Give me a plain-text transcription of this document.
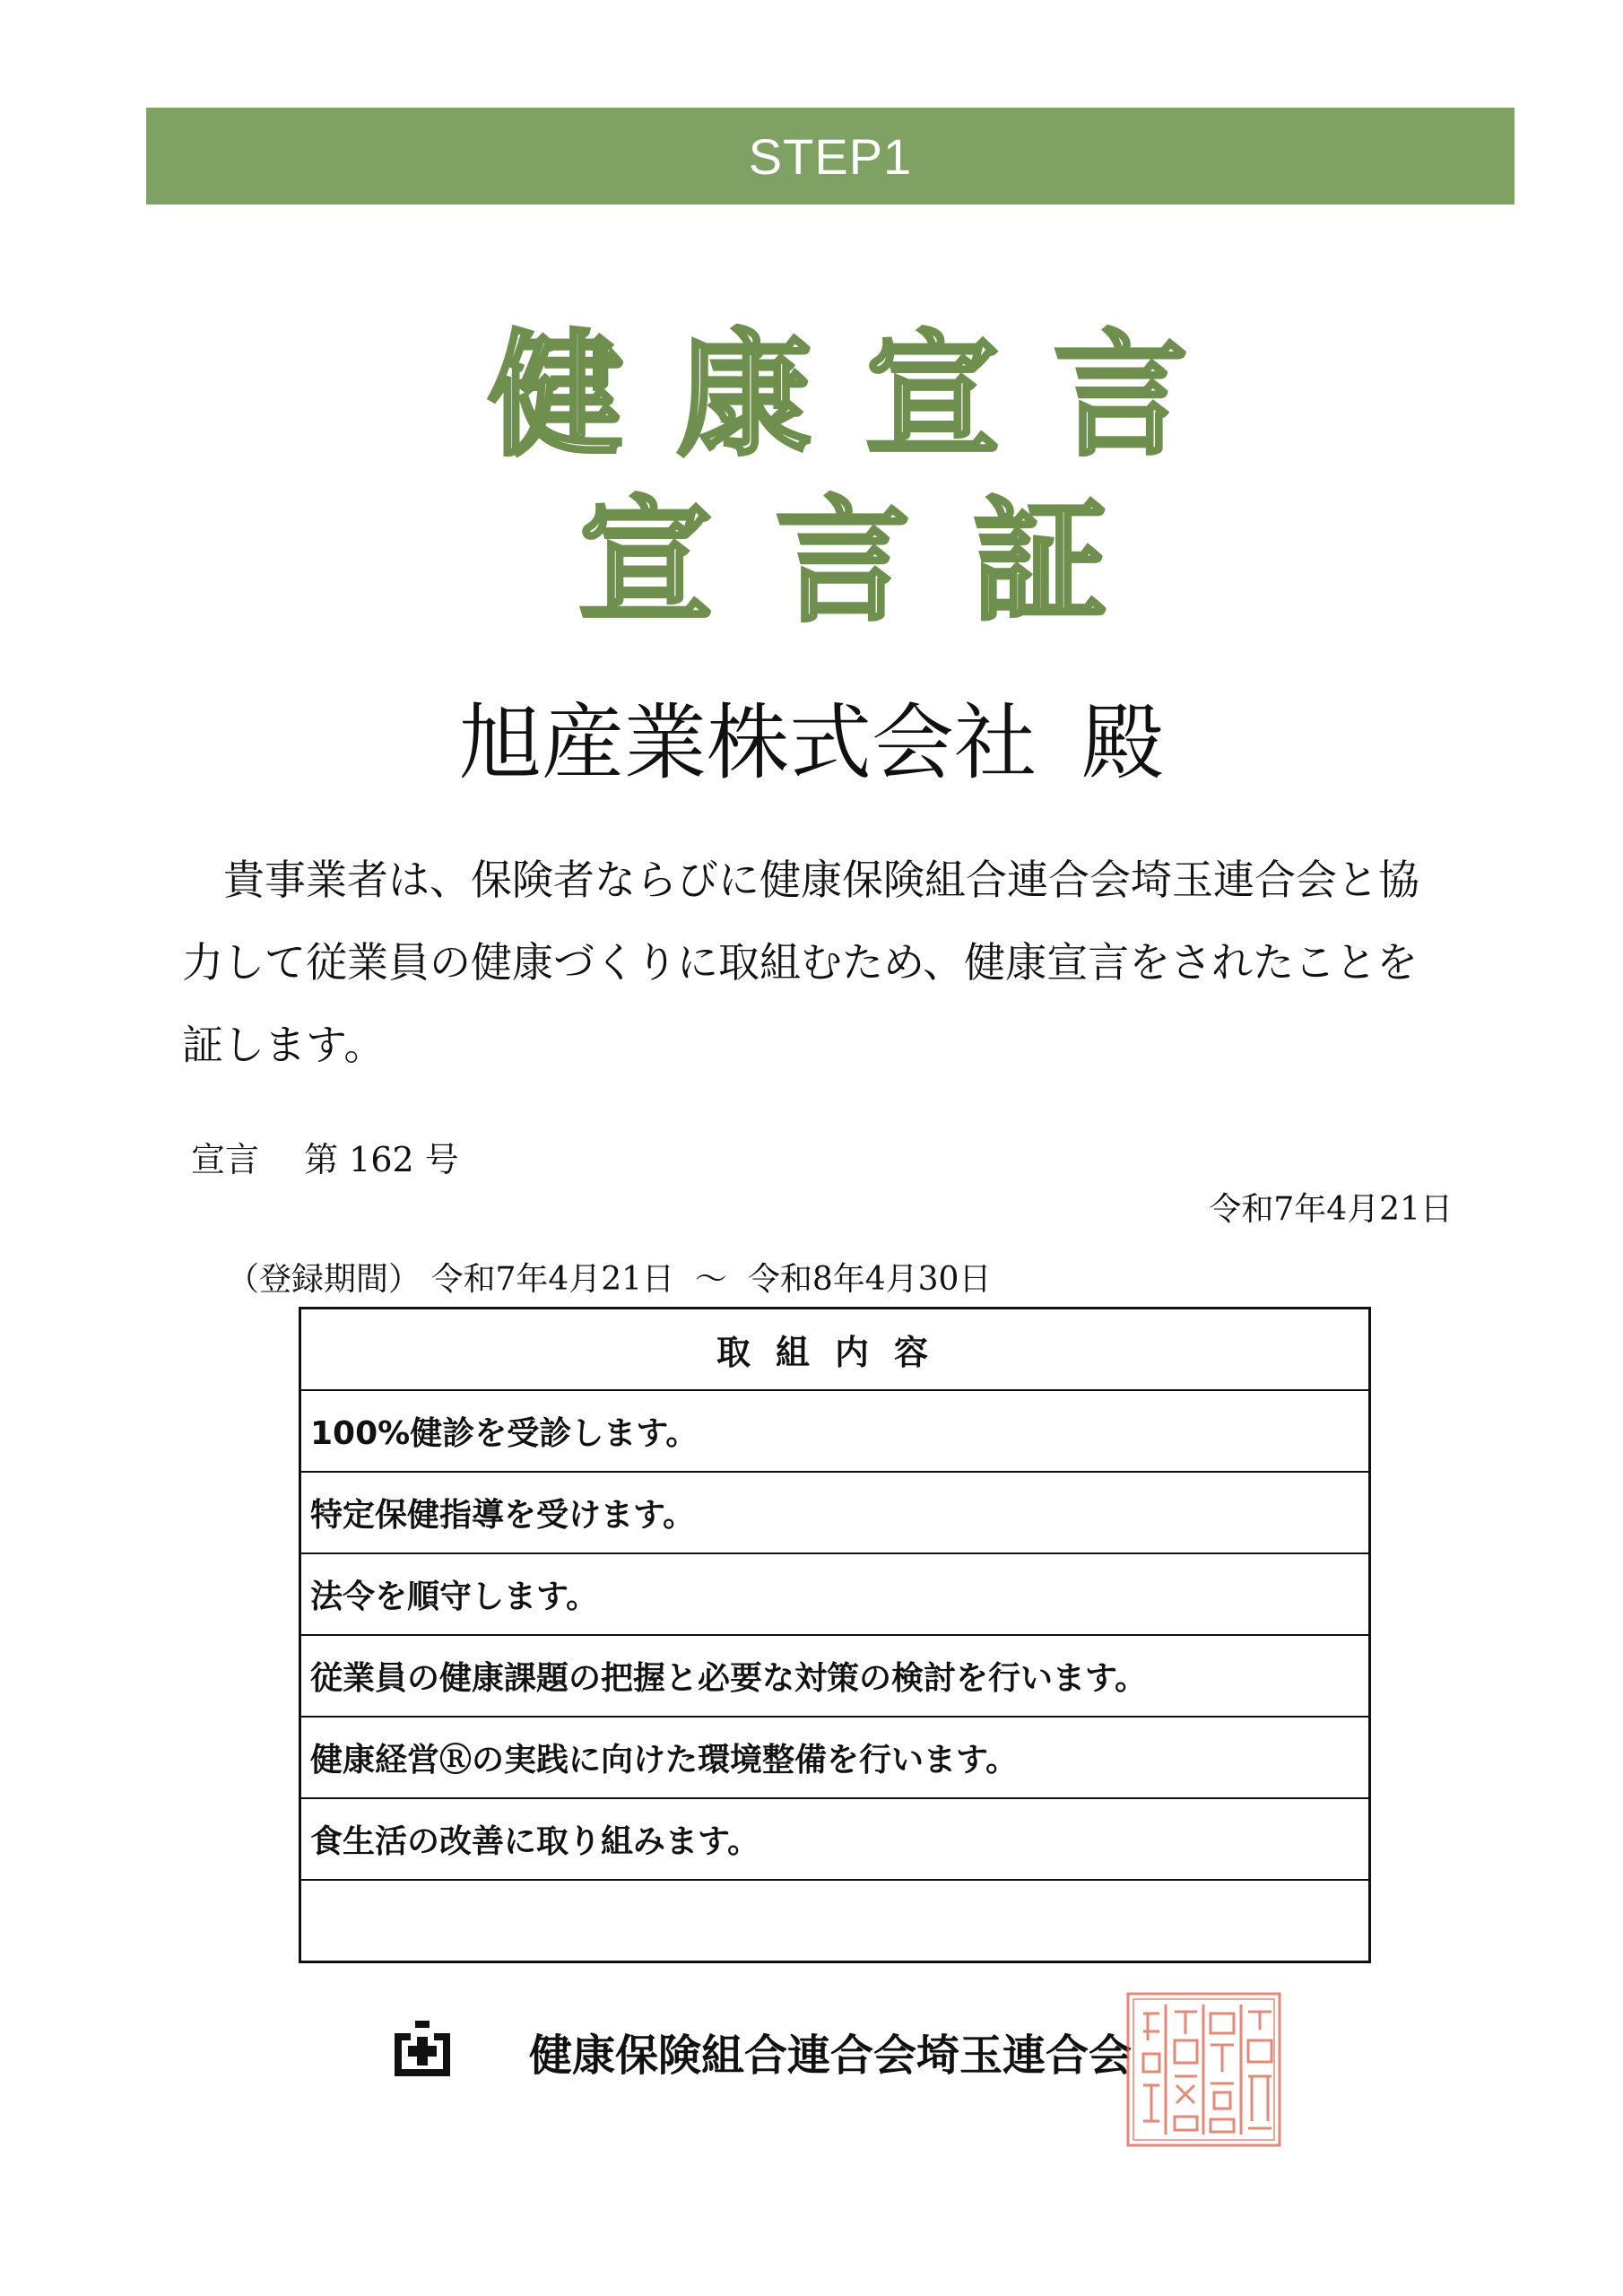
STEP1
健康宣言
宣言証
旭産業株式会社 殿

貴事業者は、保険者ならびに健康保険組合連合会埼玉連合会と協力して従業員の健康づくりに取組むため、健康宣言をされたことを証します。

宣言　 第 162 号
令和7年4月21日
（登録期間） 令和7年4月21日  ～  令和8年4月30日
取組内容
100%健診を受診します。
特定保健指導を受けます。
法令を順守します。
従業員の健康課題の把握と必要な対策の検討を行います。
健康経営Ⓡの実践に向けた環境整備を行います。
食生活の改善に取り組みます。
健康保険組合連合会埼玉連合会
